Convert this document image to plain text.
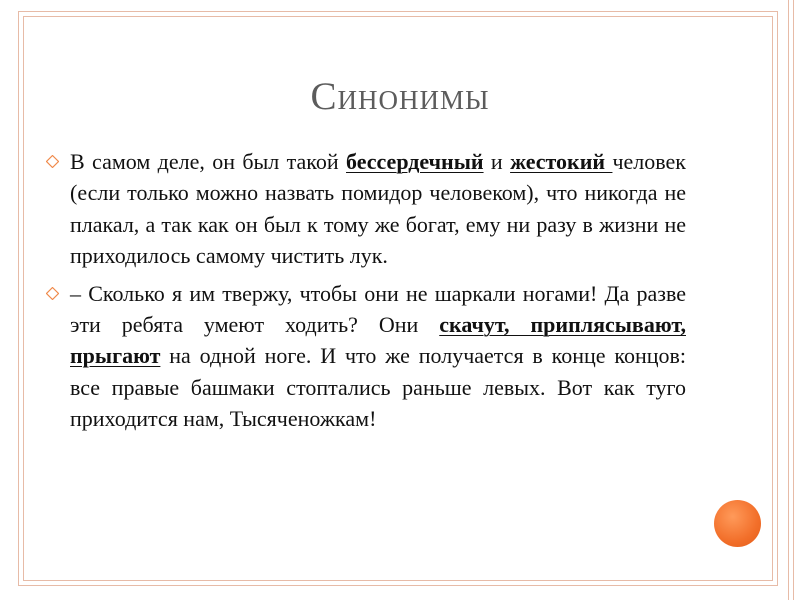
Синонимы
В самом деле, он был такой бессердечный и жестокий человек (если только можно назвать помидор человеком), что никогда не плакал, а так как он был к тому же богат, ему ни разу в жизни не приходилось самому чистить лук.
– Сколько я им твержу, чтобы они не шаркали ногами! Да разве эти ребята умеют ходить? Они скачут, приплясывают, прыгают на одной ноге. И что же получается в конце концов: все правые башмаки стоптались раньше левых. Вот как туго приходится нам, Тысяченожкам!
